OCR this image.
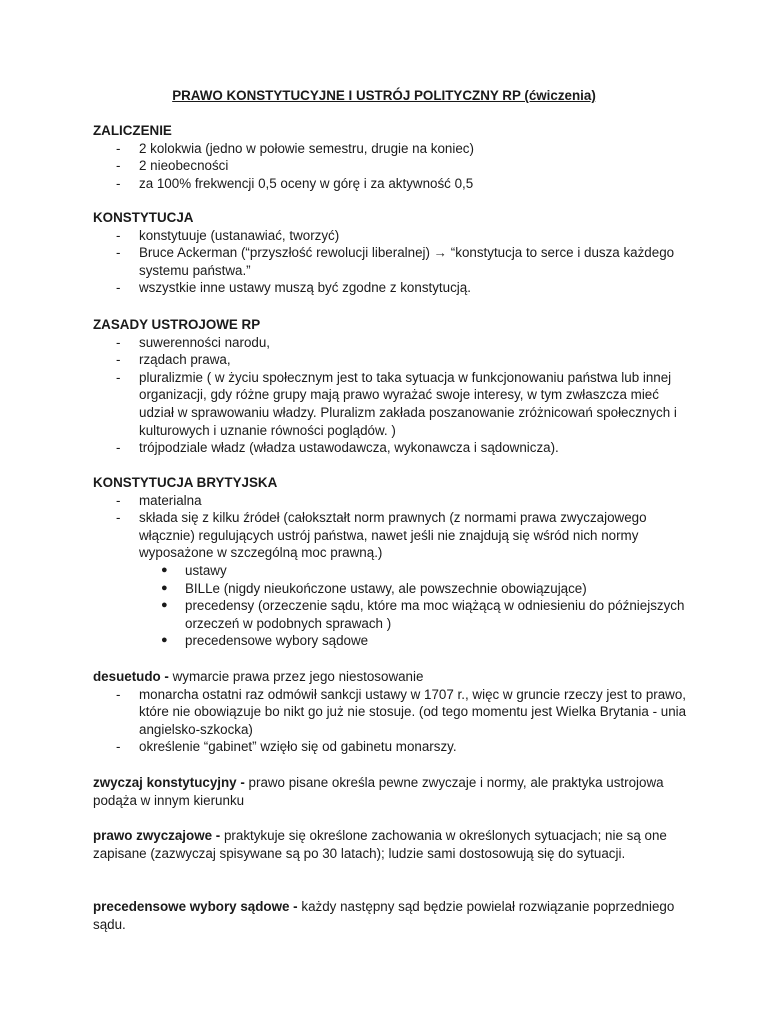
PRAWO KONSTYTUCYJNE I USTRÓJ POLITYCZNY RP (ćwiczenia)
ZALICZENIE
- 2 kolokwia (jedno w połowie semestru, drugie na koniec)
- 2 nieobecności
- za 100% frekwencji 0,5 oceny w górę i za aktywność 0,5
KONSTYTUCJA
- konstytuuje (ustanawiać, tworzyć)
- Bruce Ackerman (“przyszłość rewolucji liberalnej) → “konstytucja to serce i dusza każdego systemu państwa.”
- wszystkie inne ustawy muszą być zgodne z konstytucją.
ZASADY USTROJOWE RP
- suwerenności narodu,
- rządach prawa,
- pluralizmie ( w życiu społecznym jest to taka sytuacja w funkcjonowaniu państwa lub innej organizacji, gdy różne grupy mają prawo wyrażać swoje interesy, w tym zwłaszcza mieć udział w sprawowaniu władzy. Pluralizm zakłada poszanowanie zróżnicowań społecznych i kulturowych i uznanie równości poglądów. )
- trójpodziale władz (władza ustawodawcza, wykonawcza i sądownicza).
KONSTYTUCJA BRYTYJSKA
- materialna
- składa się z kilku źródeł (całokształt norm prawnych (z normami prawa zwyczajowego włącznie) regulujących ustrój państwa, nawet jeśli nie znajdują się wśród nich normy wyposażone w szczególną moc prawną.)
● ustawy
● BILLe (nigdy nieukończone ustawy, ale powszechnie obowiązujące)
● precedensy (orzeczenie sądu, które ma moc wiążącą w odniesieniu do późniejszych orzeczeń w podobnych sprawach )
● precedensowe wybory sądowe
desuetudo - wymarcie prawa przez jego niestosowanie
- monarcha ostatni raz odmówił sankcji ustawy w 1707 r., więc w gruncie rzeczy jest to prawo, które nie obowiązuje bo nikt go już nie stosuje. (od tego momentu jest Wielka Brytania - unia angielsko-szkocka)
- określenie “gabinet” wzięło się od gabinetu monarszy.
zwyczaj konstytucyjny - prawo pisane określa pewne zwyczaje i normy, ale praktyka ustrojowa podąża w innym kierunku
prawo zwyczajowe - praktykuje się określone zachowania w określonych sytuacjach; nie są one zapisane (zazwyczaj spisywane są po 30 latach); ludzie sami dostosowują się do sytuacji.
precedensowe wybory sądowe - każdy następny sąd będzie powielał rozwiązanie poprzedniego sądu.
